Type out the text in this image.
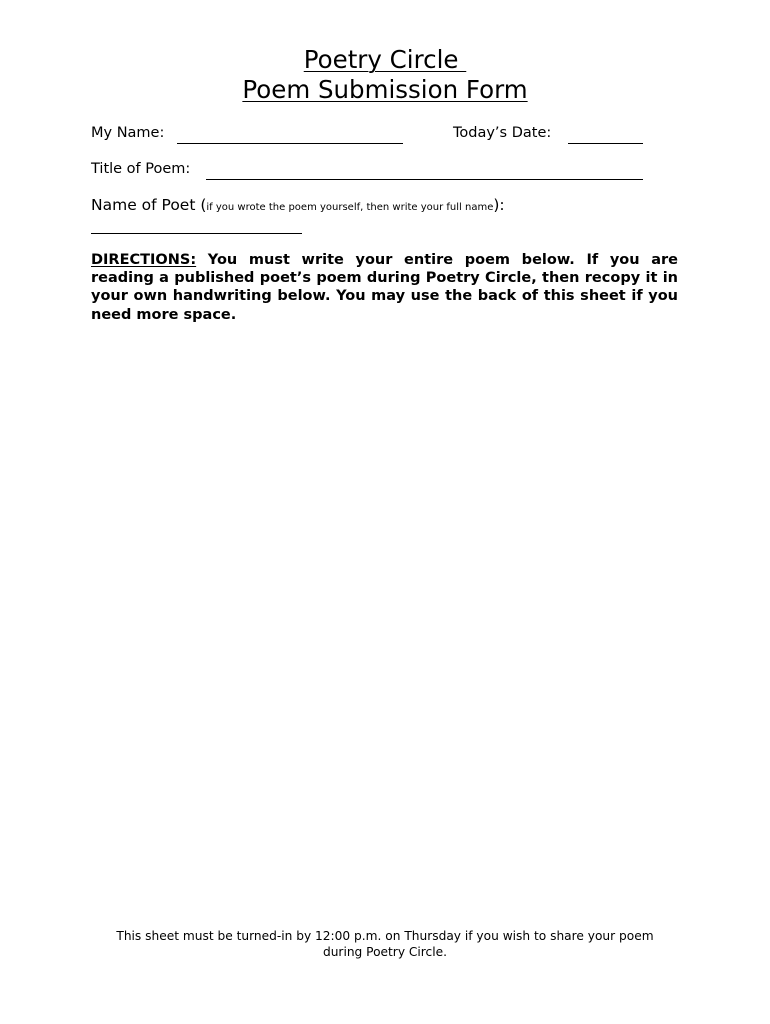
Poetry Circle
Poem Submission Form
My Name:	Today’s Date:
Title of Poem:
Name of Poet (if you wrote the poem yourself, then write your full name):
DIRECTIONS: You must write your entire poem below. If you are reading a published poet’s poem during Poetry Circle, then recopy it in your own handwriting below. You may use the back of this sheet if you need more space.
This sheet must be turned-in by 12:00 p.m. on Thursday if you wish to share your poem during Poetry Circle.
